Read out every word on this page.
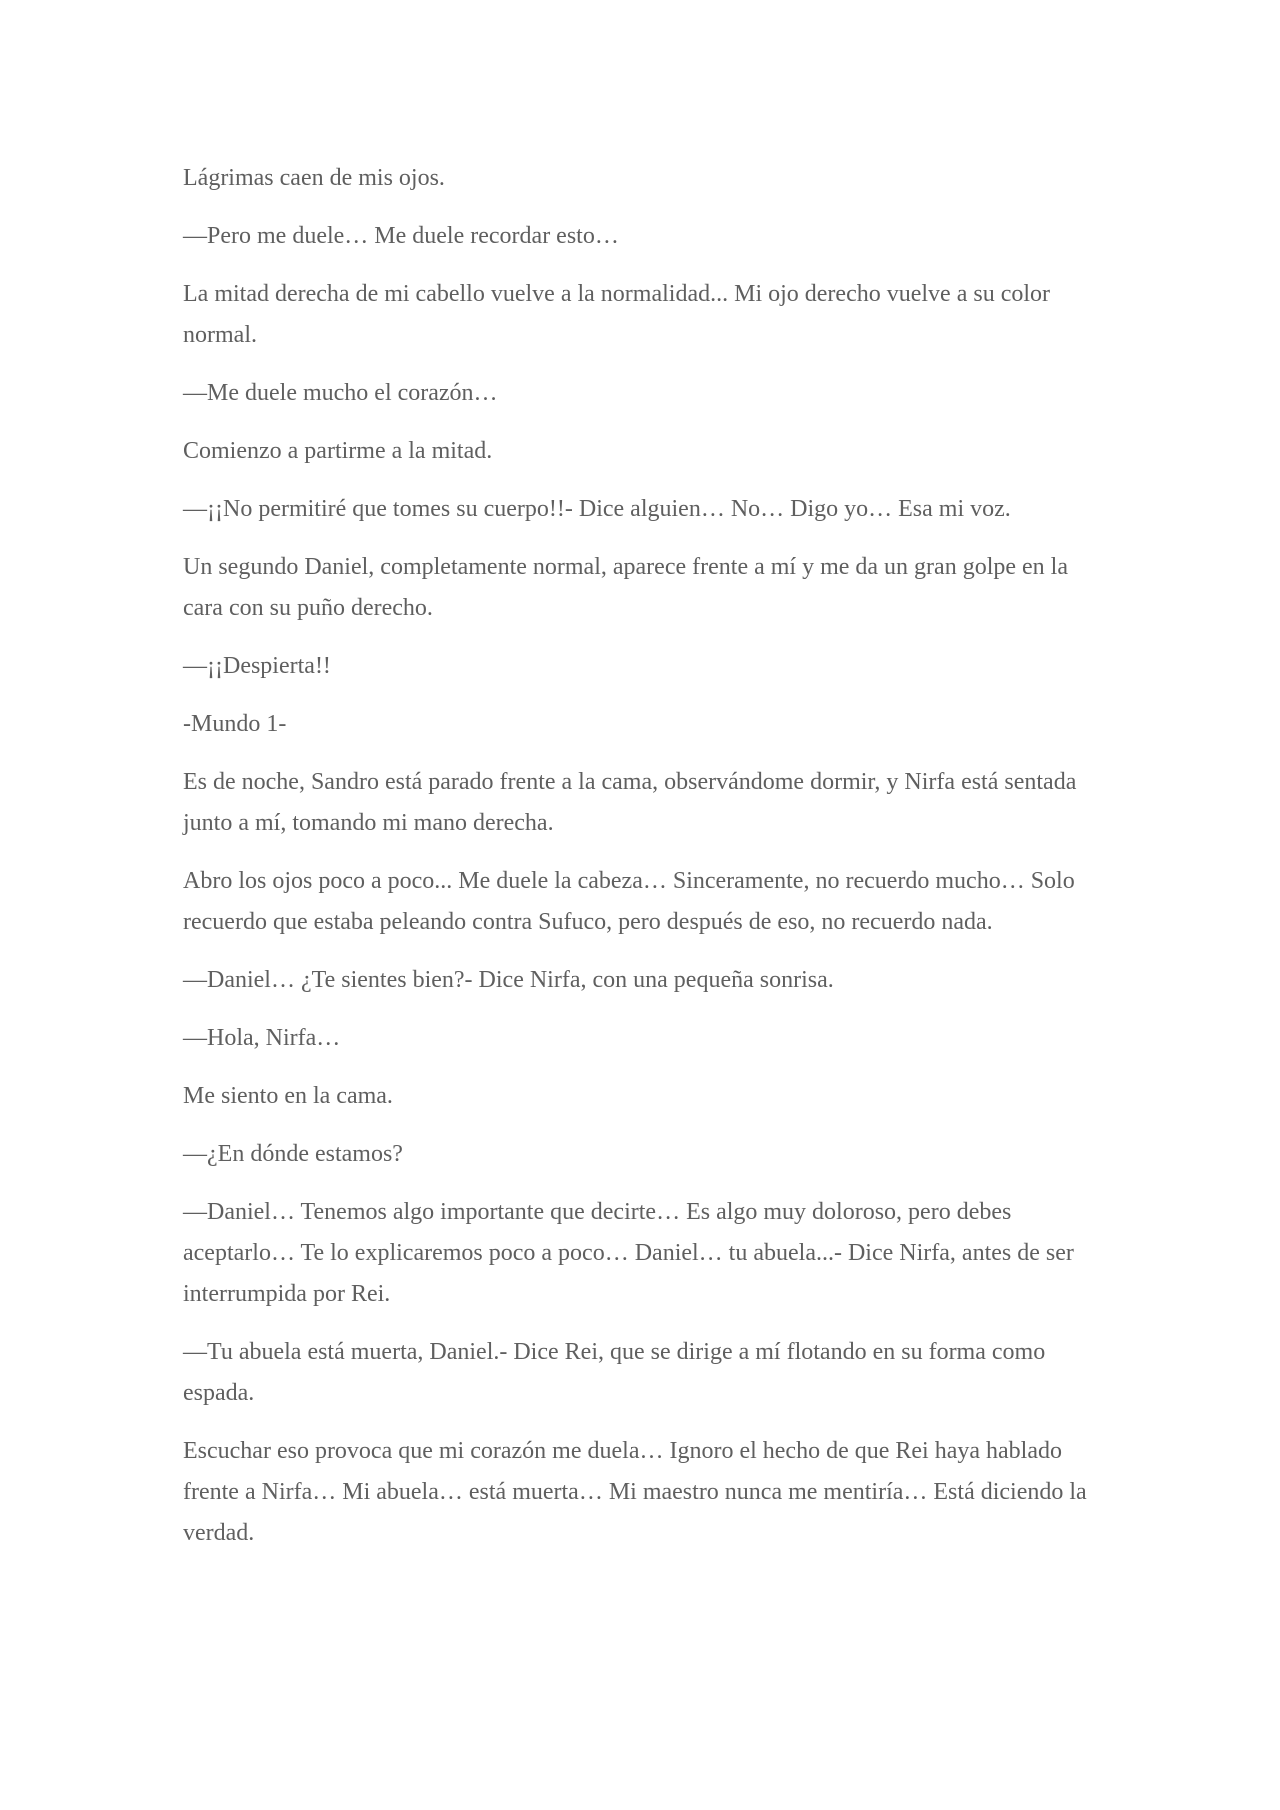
Lágrimas caen de mis ojos.

—Pero me duele… Me duele recordar esto…

La mitad derecha de mi cabello vuelve a la normalidad... Mi ojo derecho vuelve a su color normal.

—Me duele mucho el corazón…

Comienzo a partirme a la mitad.

—¡¡No permitiré que tomes su cuerpo!!- Dice alguien… No… Digo yo… Esa mi voz.

Un segundo Daniel, completamente normal, aparece frente a mí y me da un gran golpe en la cara con su puño derecho.

—¡¡Despierta!!

-Mundo 1-

Es de noche, Sandro está parado frente a la cama, observándome dormir, y Nirfa está sentada junto a mí, tomando mi mano derecha.

Abro los ojos poco a poco... Me duele la cabeza… Sinceramente, no recuerdo mucho… Solo recuerdo que estaba peleando contra Sufuco, pero después de eso, no recuerdo nada.

—Daniel… ¿Te sientes bien?- Dice Nirfa, con una pequeña sonrisa.

—Hola, Nirfa…

Me siento en la cama.

—¿En dónde estamos?

—Daniel… Tenemos algo importante que decirte… Es algo muy doloroso, pero debes aceptarlo… Te lo explicaremos poco a poco… Daniel… tu abuela...- Dice Nirfa, antes de ser interrumpida por Rei.

—Tu abuela está muerta, Daniel.- Dice Rei, que se dirige a mí flotando en su forma como espada.

Escuchar eso provoca que mi corazón me duela… Ignoro el hecho de que Rei haya hablado frente a Nirfa… Mi abuela… está muerta… Mi maestro nunca me mentiría… Está diciendo la verdad.
